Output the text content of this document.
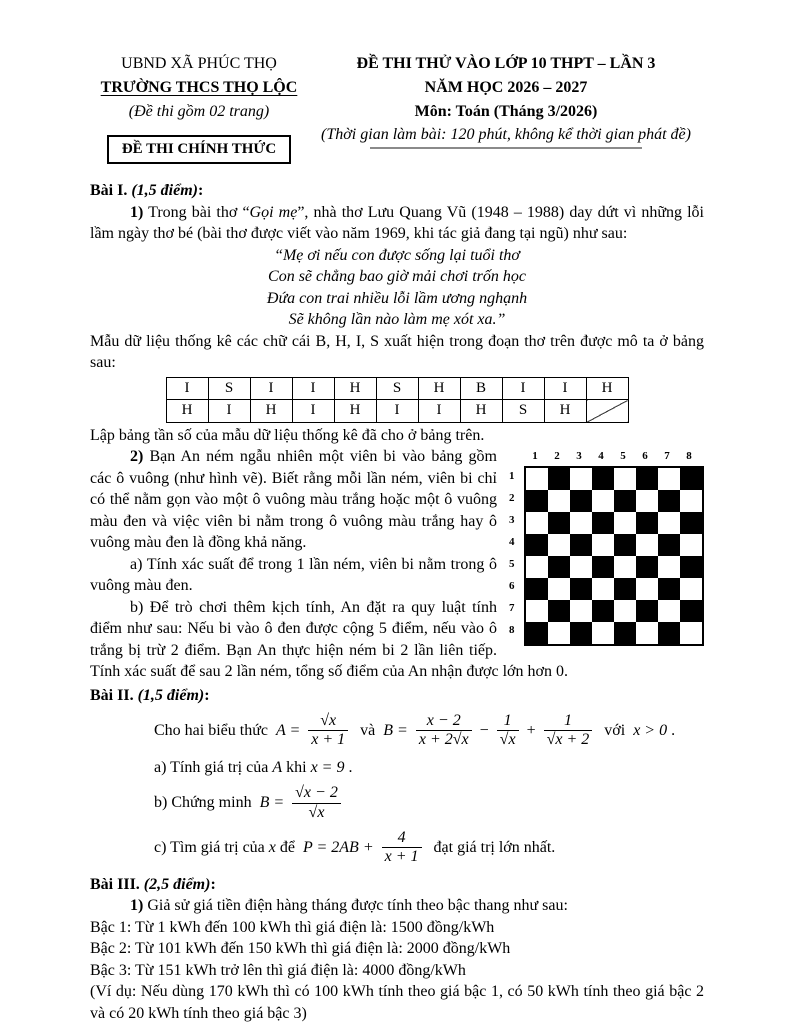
UBND XÃ PHÚC THỌ
TRƯỜNG THCS THỌ LỘC
(Đề thi gồm 02 trang)
ĐỀ THI CHÍNH THỨC
ĐỀ THI THỬ VÀO LỚP 10 THPT – LẦN 3
NĂM HỌC 2026 – 2027
Môn: Toán (Tháng 3/2026)
(Thời gian làm bài: 120 phút, không kể thời gian phát đề)
Bài I. (1,5 điểm):

1) Trong bài thơ “Gọi mẹ”, nhà thơ Lưu Quang Vũ (1948 – 1988) day dứt vì những lỗi lầm ngày thơ bé (bài thơ được viết vào năm 1969, khi tác giả đang tại ngũ) như sau:

“Mẹ ơi nếu con được sống lại tuổi thơ
Con sẽ chẳng bao giờ mải chơi trốn học
Đứa con trai nhiều lỗi lầm ương nghạnh
Sẽ không lần nào làm mẹ xót xa.”

Mẫu dữ liệu thống kê các chữ cái B, H, I, S xuất hiện trong đoạn thơ trên được mô ta ở bảng sau:

I	S	I	I	H	S	H	B	I	I	H
H	I	H	I	H	I	I	H	S	H	

Lập bảng tần số của mẫu dữ liệu thống kê đã cho ở bảng trên.

1 2 3 4 5 6 7 8
1
2
3
4
5
6
7
8

2) Bạn An ném ngẫu nhiên một viên bi vào bảng gồm các ô vuông (như hình vẽ). Biết rằng mỗi lần ném, viên bi chỉ có thể nằm gọn vào một ô vuông màu trắng hoặc một ô vuông màu đen và việc viên bi nằm trong ô vuông màu trắng hay ô vuông màu đen là đồng khả năng.

a) Tính xác suất để trong 1 lần ném, viên bi nằm trong ô vuông màu đen.

b) Để trò chơi thêm kịch tính, An đặt ra quy luật tính điểm như sau: Nếu bi vào ô đen được cộng 5 điểm, nếu vào ô trắng bị trừ 2 điểm. Bạn An thực hiện ném bi 2 lần liên tiếp. Tính xác suất để sau 2 lần ném, tổng số điểm của An nhận được lớn hơn 0.

Bài II. (1,5 điểm):
Cho hai biểu thức $A = \frac{√x}{x + 1}$ và $B = \frac{x - 2}{x + 2√x} - \frac{1}{√x} + \frac{1}{√x + 2}$ với x > 0 .
a) Tính giá trị của A khi x = 9 .
b) Chứng minh $B = \frac{√x - 2}{√x}$
c) Tìm giá trị của x để $P = 2AB + \frac{4}{x + 1}$ đạt giá trị lớn nhất.
Bài III. (2,5 điểm):

1) Giả sử giá tiền điện hàng tháng được tính theo bậc thang như sau:

Bậc 1: Từ 1 kWh đến 100 kWh thì giá điện là: 1500 đồng/kWh
Bậc 2: Từ 101 kWh đến 150 kWh thì giá điện là: 2000 đồng/kWh
Bậc 3: Từ 151 kWh trở lên thì giá điện là: 4000 đồng/kWh

(Ví dụ: Nếu dùng 170 kWh thì có 100 kWh tính theo giá bậc 1, có 50 kWh tính theo giá bậc 2 và có 20 kWh tính theo giá bậc 3)
